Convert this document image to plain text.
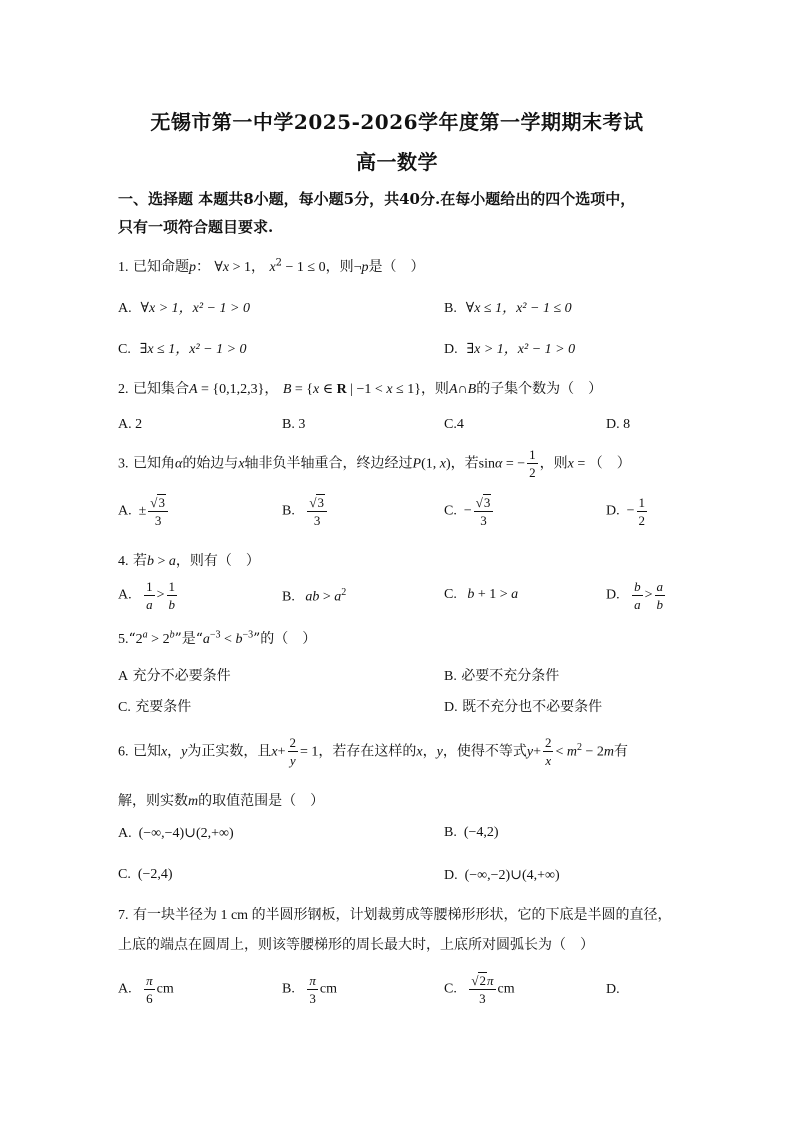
无锡市第一中学2025-2026学年度第一学期期末考试
高一数学
一、选择题 本题共8小题，每小题5分，共40分.在每小题给出的四个选项中，
只有一项符合题目要求.
1. 已知命题p： ∀x > 1， $x^2 - 1 \le 0$，则¬p是（　）
A. ∀x > 1，x² − 1 > 0	B. ∀x ≤ 1，x² − 1 ≤ 0
C. ∃x ≤ 1，x² − 1 > 0	D. ∃x > 1，x² − 1 > 0
2. 已知集合A = {0,1,2,3}， B = {x ∈ R | −1 < x ≤ 1}，则A∩B的子集个数为（　）
A. 2	B. 3	C.4	D. 8
3. 已知角α的始边与x轴非负半轴重合，终边经过P(1, x)，若sinα = − $\frac{1}{2}$ ，则x = （　）
A.  ± $\frac{√3}{3}$	B. $\frac{√3}{3}$	C.  − $\frac{√3}{3}$	D.  − $\frac{1}{2}$
4. 若b > a，则有（　）
A. $\frac{1}{a} > \frac{1}{b}$	B.   ab > $a^2$	C.   b + 1 > a	D. $\frac{b}{a} > \frac{a}{b}$
$5.“2^a > 2^b$”是“$a^{-3} < b^{-3}$”的（　）
A 充分不必要条件	B. 必要不充分条件
C. 充要条件	D. 既不充分也不必要条件
6. 已知x，y为正实数，且$x+ \frac{2}{y} = 1$，若存在这样的x，y，使得不等式$y+ \frac{2}{x} < m^2 - 2m$有
解，则实数m的取值范围是（　）
A. (−∞,−4)∪(2,+∞)	B. (−4,2)
C. (−2,4)	D. (−∞,−2)∪(4,+∞)
7. 有一块半径为 1 cm 的半圆形钢板，计划裁剪成等腰梯形形状，它的下底是半圆的直径，
上底的端点在圆周上，则该等腰梯形的周长最大时，上底所对圆弧长为（　）
A. $\frac{\pi}{6}$ cm	B. $\frac{\pi}{3}$ cm	C. $\frac{√2\pi}{3}$ cm	D.
